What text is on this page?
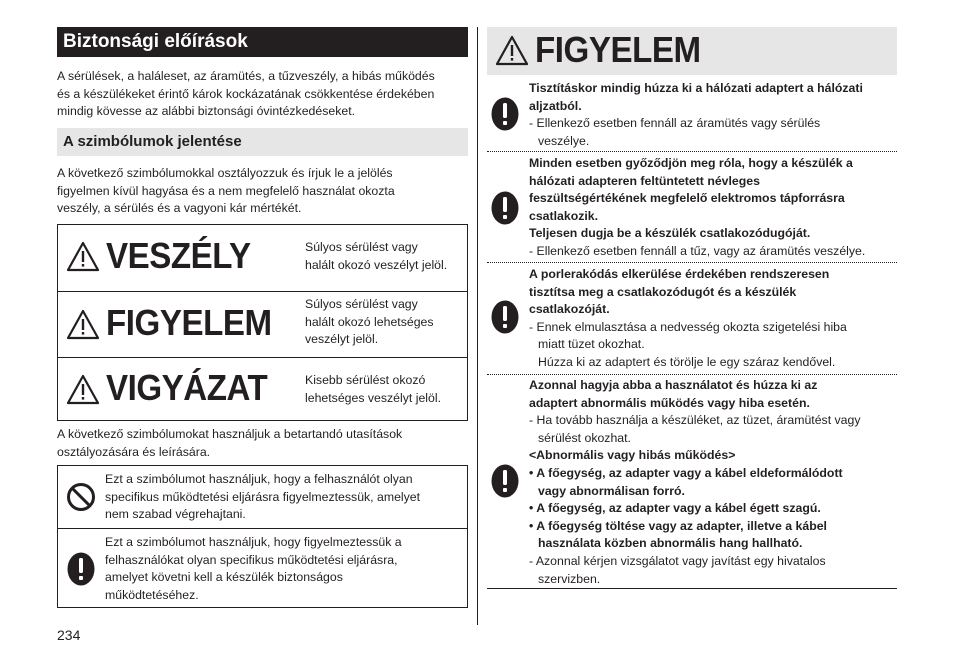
Biztonsági előírások
A sérülések, a haláleset, az áramütés, a tűzveszély, a hibás működés
és a készülékeket érintő károk kockázatának csökkentése érdekében
mindig kövesse az alábbi biztonsági óvintézkedéseket.
A szimbólumok jelentése
A következő szimbólumokkal osztályozzuk és írjuk le a jelölés
figyelmen kívül hagyása és a nem megfelelő használat okozta
veszély, a sérülés és a vagyoni kár mértékét.
VESZÉLY	Súlyos sérülést vagy
halált okozó veszélyt jelöl.
FIGYELEM	Súlyos sérülést vagy
halált okozó lehetséges
veszélyt jelöl.
VIGYÁZAT	Kisebb sérülést okozó
lehetséges veszélyt jelöl.
A következő szimbólumokat használjuk a betartandó utasítások
osztályozására és leírására.
Ezt a szimbólumot használjuk, hogy a felhasználót olyan
specifikus működtetési eljárásra figyelmeztessük, amelyet
nem szabad végrehajtani.
Ezt a szimbólumot használjuk, hogy figyelmeztessük a
felhasználókat olyan specifikus működtetési eljárásra,
amelyet követni kell a készülék biztonságos
működtetéséhez.
234
FIGYELEM
Tisztításkor mindig húzza ki a hálózati adaptert a hálózati
aljzatból.
- Ellenkező esetben fennáll az áramütés vagy sérülés
veszélye.
Minden esetben győződjön meg róla, hogy a készülék a
hálózati adapteren feltüntetett névleges
feszültségértékének megfelelő elektromos tápforrásra
csatlakozik.
Teljesen dugja be a készülék csatlakozódugóját.
- Ellenkező esetben fennáll a tűz, vagy az áramütés veszélye.
A porlerakódás elkerülése érdekében rendszeresen
tisztítsa meg a csatlakozódugót és a készülék
csatlakozóját.
- Ennek elmulasztása a nedvesség okozta szigetelési hiba
miatt tüzet okozhat.
Húzza ki az adaptert és törölje le egy száraz kendővel.
Azonnal hagyja abba a használatot és húzza ki az
adaptert abnormális működés vagy hiba esetén.
- Ha tovább használja a készüléket, az tüzet, áramütést vagy
sérülést okozhat.
<Abnormális vagy hibás működés>
• A főegység, az adapter vagy a kábel eldeformálódott
vagy abnormálisan forró.
• A főegység, az adapter vagy a kábel égett szagú.
• A főegység töltése vagy az adapter, illetve a kábel
használata közben abnormális hang hallható.
- Azonnal kérjen vizsgálatot vagy javítást egy hivatalos
szervizben.
